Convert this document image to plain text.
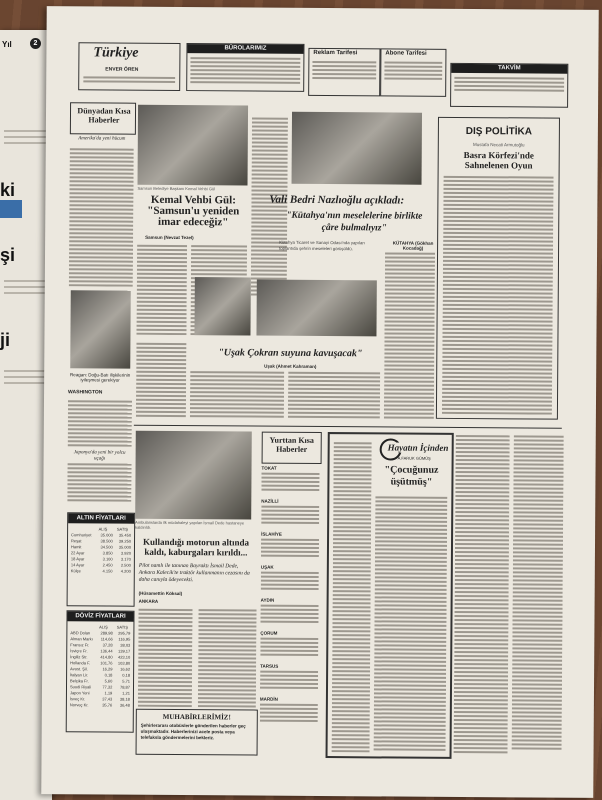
Yıl	2
ki
şi
ji
Türkiye
ENVER ÖREN
BÜROLARIMIZ
Reklam Tarifesi	Abone Tarifesi
TAKVİM
Dünyadan Kısa Haberler
Amerika'da yeni hücum
Reagan: Doğu-Batı ilişkilerinin iyileşmesi gerekiyor
WASHINGTON
Japonya'da yeni bir yolcu uçağı
ALTIN FİYATLARI
	ALIŞ	SATIŞ
Cumhuriyet	35.000	35.450
Reşat	38.500	39.250
Hamit	34.500	35.000
22 Ayar	3.850	3.920
18 Ayar	3.100	3.170
14 Ayar	2.450	2.500
Külçe	4.150	4.200
DÖVİZ FİYATLARI
	ALIŞ	SATIŞ
ABD Doları	289,98	295,79
Alman Markı	114,66	116,95
Fransız Fr.	37,28	38,03
İsviçre Fr.	136,44	139,17
İngiliz Str.	414,80	423,10
Hollanda F.	101,76	103,80
Avust. Şil.	16,29	16,62
İtalyan Lir.	0,18	0,18
Belçika Fr.	5,60	5,71
Suudi Riyali	77,32	78,87
Japon Yeni	1,19	1,21
İsveç Kr.	37,43	38,18
Norveç Kr.	35,76	36,48
Samsun Belediye Başkanı Kemal Vehbi Gül
Kemal Vehbi Gül: "Samsun'u yeniden imar edeceğiz"
Samsun (Nevzat Tezel)
Vali Bedri Nazlıoğlu açıkladı:
"Kütahya'nın meselelerine birlikte çâre bulmalıyız"
Kütahya Ticaret ve Sanayi Odası'nda yapılan toplantıda şehrin meseleleri görüşüldü.
KÜTAHYA (Gökhan Kocadağ)
DIŞ POLİTİKA
Mustafa Necati Armutoğlu
Basra Körfezi'nde Sahnelenen Oyun
"Uşak Çokran suyuna kavuşacak"
Uşak (Ahmet Kahraman)
Ambulanslarda ilk müdahaleyi yapılan İsmail Dede hastaneye kaldırıldı.
Kullandığı motorun altında kaldı, kaburgaları kırıldı...
Pilot namlı ile tanınan Bayraktı İsmail Dede, Ankara Kalecik'te traktör kullanmanın cezasını da daha canıyla ödeyecekti.
(Hüsamettin Köksal)
ANKARA
MUHABİRLERİMİZ!
Şehirlerarası otobüslerle gönderilen haberler geç ulaşmaktadır. Haberlerinizi acele posta veya telefaksla göndermelerini bekleriz.
Yurttan Kısa Haberler
TOKAT
NAZİLLİ
İSLAHİYE
UŞAK
AYDIN
ÇORUM
TARSUS
MARDİN
Hayatın İçinden
A.FARUK GÜMÜŞ
"Çocuğunuz üşütmüş"
